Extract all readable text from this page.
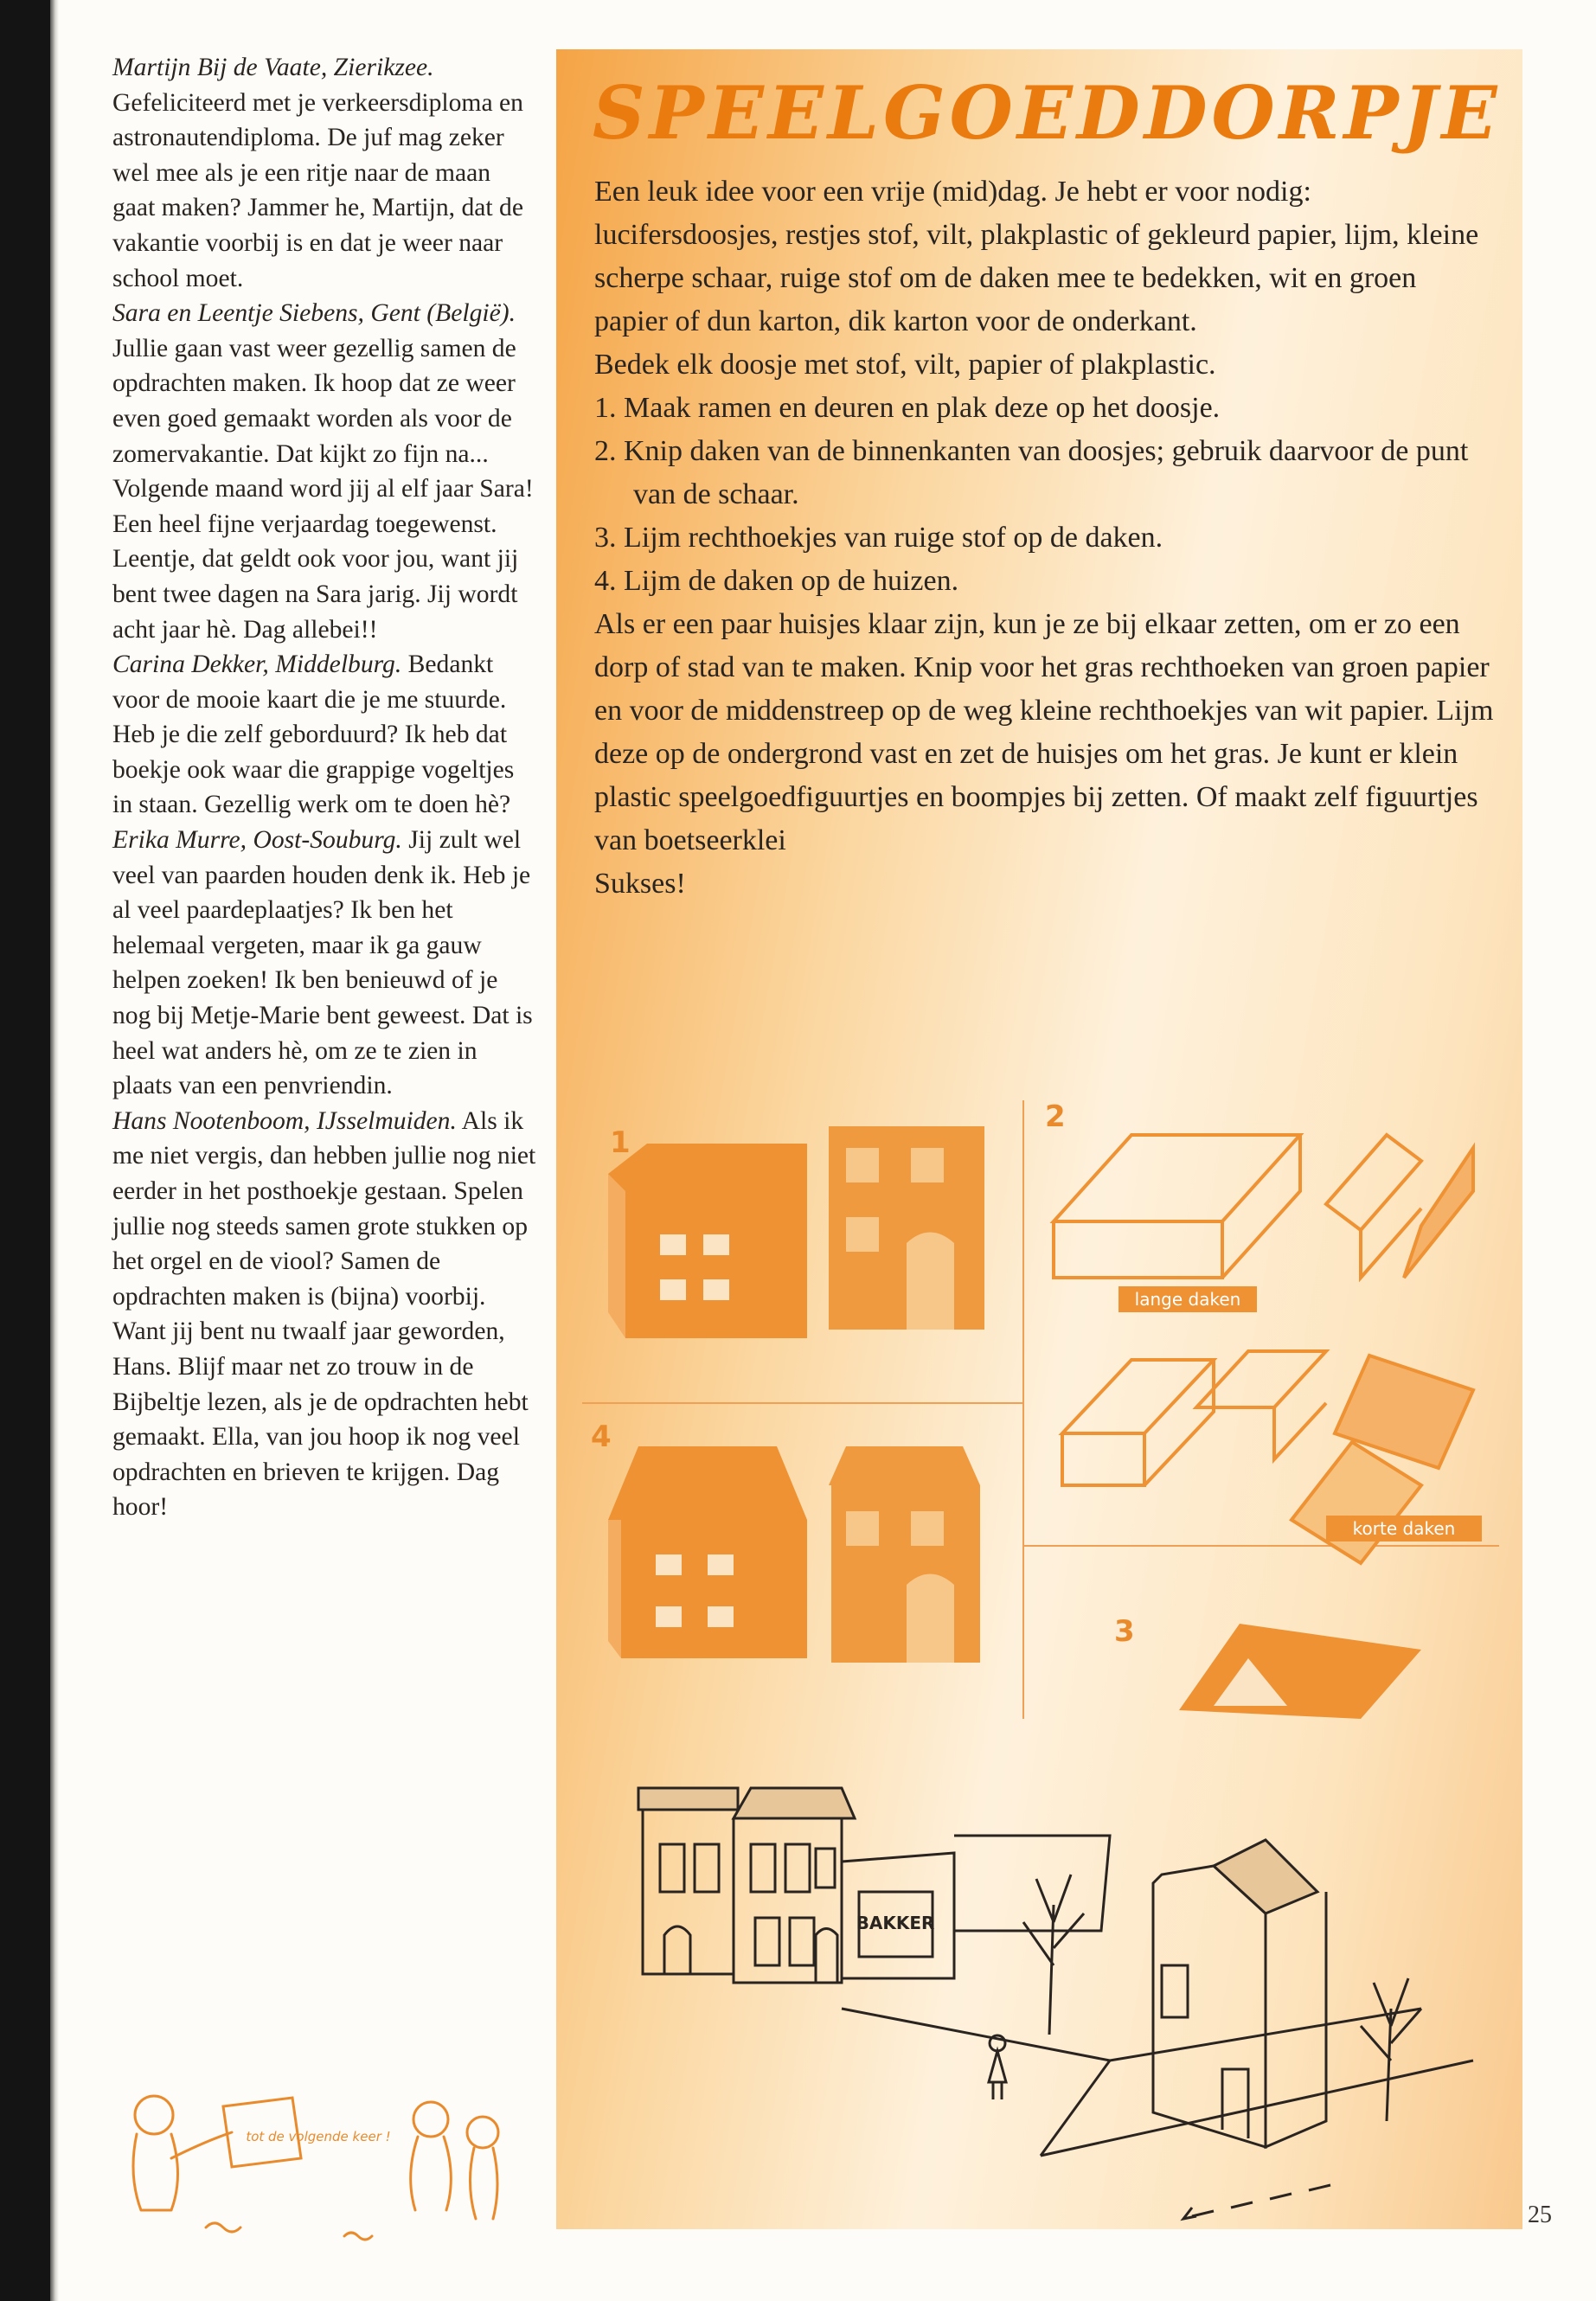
Martijn Bij de Vaate, Zierikzee. Gefeliciteerd met je verkeersdiploma en astronautendiploma. De juf mag zeker wel mee als je een ritje naar de maan gaat maken? Jammer he, Martijn, dat de vakantie voorbij is en dat je weer naar school moet.

Sara en Leentje Siebens, Gent (België). Jullie gaan vast weer gezellig samen de opdrachten maken. Ik hoop dat ze weer even goed gemaakt worden als voor de zomervakantie. Dat kijkt zo fijn na... Volgende maand word jij al elf jaar Sara! Een heel fijne verjaardag toegewenst. Leentje, dat geldt ook voor jou, want jij bent twee dagen na Sara jarig. Jij wordt acht jaar hè. Dag allebei!!

Carina Dekker, Middelburg. Bedankt voor de mooie kaart die je me stuurde. Heb je die zelf geborduurd? Ik heb dat boekje ook waar die grappige vogeltjes in staan. Gezellig werk om te doen hè?

Erika Murre, Oost-Souburg. Jij zult wel veel van paarden houden denk ik. Heb je al veel paardeplaatjes? Ik ben het helemaal vergeten, maar ik ga gauw helpen zoeken! Ik ben benieuwd of je nog bij Metje-Marie bent geweest. Dat is heel wat anders hè, om ze te zien in plaats van een penvriendin.

Hans Nootenboom, IJsselmuiden. Als ik me niet vergis, dan hebben jullie nog niet eerder in het posthoekje gestaan. Spelen jullie nog steeds samen grote stukken op het orgel en de viool? Samen de opdrachten maken is (bijna) voorbij. Want jij bent nu twaalf jaar geworden, Hans. Blijf maar net zo trouw in de Bijbeltje lezen, als je de opdrachten hebt gemaakt. Ella, van jou hoop ik nog veel opdrachten en brieven te krijgen. Dag hoor!

tot de volgende keer !
SPEELGOEDDORPJE

Een leuk idee voor een vrije (mid)dag. Je hebt er voor nodig: lucifersdoosjes, restjes stof, vilt, plakplastic of gekleurd papier, lijm, kleine scherpe schaar, ruige stof om de daken mee te bedekken, wit en groen papier of dun karton, dik karton voor de onderkant.

Bedek elk doosje met stof, vilt, papier of plakplastic.

1. Maak ramen en deuren en plak deze op het doosje.
2. Knip daken van de binnenkanten van doosjes; gebruik daarvoor de punt van de schaar.
3. Lijm rechthoekjes van ruige stof op de daken.
4. Lijm de daken op de huizen.

Als er een paar huisjes klaar zijn, kun je ze bij elkaar zetten, om er zo een dorp of stad van te maken. Knip voor het gras rechthoeken van groen papier en voor de middenstreep op de weg kleine rechthoekjes van wit papier. Lijm deze op de ondergrond vast en zet de huisjes om het gras. Je kunt er klein plastic speelgoedfiguurtjes en boompjes bij zetten. Of maakt zelf figuurtjes van boetseerklei

Sukses!

1
4
2
lange daken
korte daken
3
BAKKER
25
